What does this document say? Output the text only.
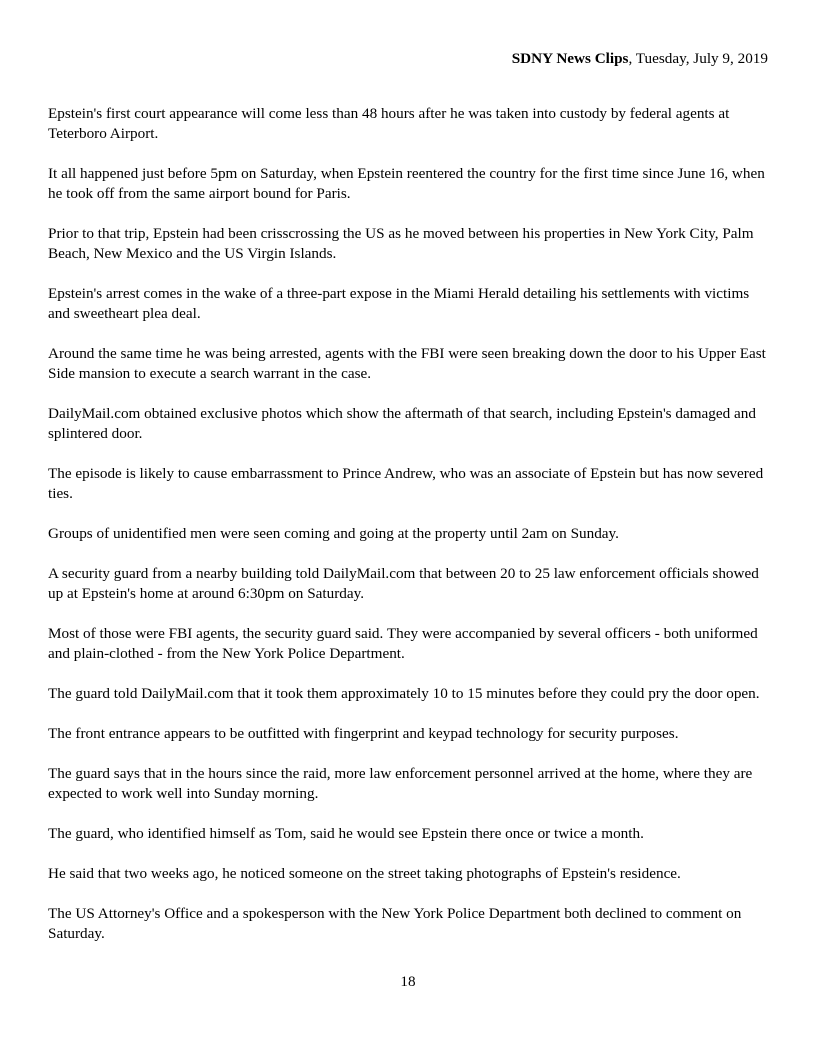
SDNY News Clips, Tuesday, July 9, 2019

Epstein's first court appearance will come less than 48 hours after he was taken into custody by federal agents at Teterboro Airport.

It all happened just before 5pm on Saturday, when Epstein reentered the country for the first time since June 16, when he took off from the same airport bound for Paris.

Prior to that trip, Epstein had been crisscrossing the US as he moved between his properties in New York City, Palm Beach, New Mexico and the US Virgin Islands.

Epstein's arrest comes in the wake of a three-part expose in the Miami Herald detailing his settlements with victims and sweetheart plea deal.

Around the same time he was being arrested, agents with the FBI were seen breaking down the door to his Upper East Side mansion to execute a search warrant in the case.

DailyMail.com obtained exclusive photos which show the aftermath of that search, including Epstein's damaged and splintered door.

The episode is likely to cause embarrassment to Prince Andrew, who was an associate of Epstein but has now severed ties.

Groups of unidentified men were seen coming and going at the property until 2am on Sunday.

A security guard from a nearby building told DailyMail.com that between 20 to 25 law enforcement officials showed up at Epstein's home at around 6:30pm on Saturday.

Most of those were FBI agents, the security guard said. They were accompanied by several officers - both uniformed and plain-clothed - from the New York Police Department.

The guard told DailyMail.com that it took them approximately 10 to 15 minutes before they could pry the door open.

The front entrance appears to be outfitted with fingerprint and keypad technology for security purposes.

The guard says that in the hours since the raid, more law enforcement personnel arrived at the home, where they are expected to work well into Sunday morning.

The guard, who identified himself as Tom, said he would see Epstein there once or twice a month.

He said that two weeks ago, he noticed someone on the street taking photographs of Epstein's residence.

The US Attorney's Office and a spokesperson with the New York Police Department both declined to comment on Saturday.

18
